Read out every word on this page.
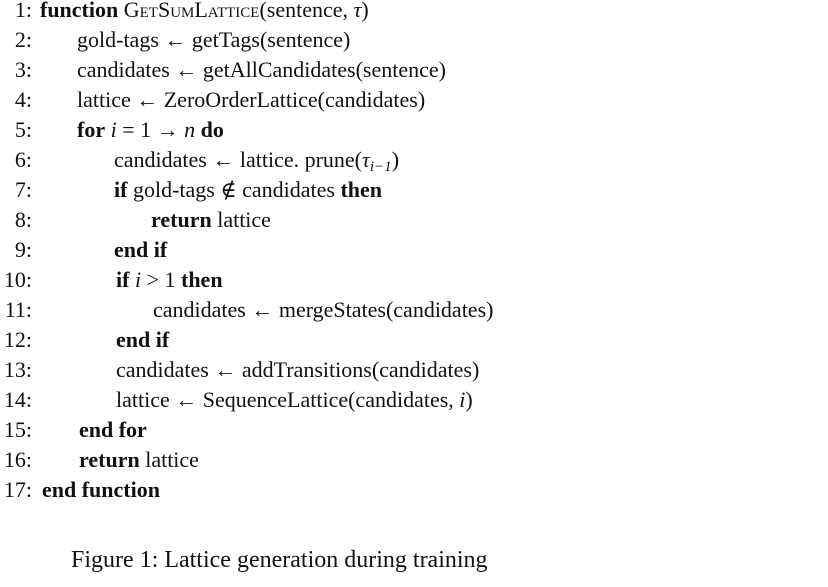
1: function GetSumLattice(sentence, → τ)
2: gold-tags ← getTags(sentence)
3: candidates ← getAllCandidates(sentence)
4: lattice ← ZeroOrderLattice(candidates)
5: for i = 1 → n do
6:	candidates ← lattice. $prune(\tau_{i-1})$
7:	if gold-tags ∉ candidates then
8:	return lattice
9:	end if
10:	if i > 1 then
11:	candidates ← mergeStates(candidates)
12:	end if
13:	candidates ← addTransitions(candidates)
14:	lattice ← SequenceLattice(candidates, i)
15: end for
16: return lattice
17: end function
Figure 1: Lattice generation during training
